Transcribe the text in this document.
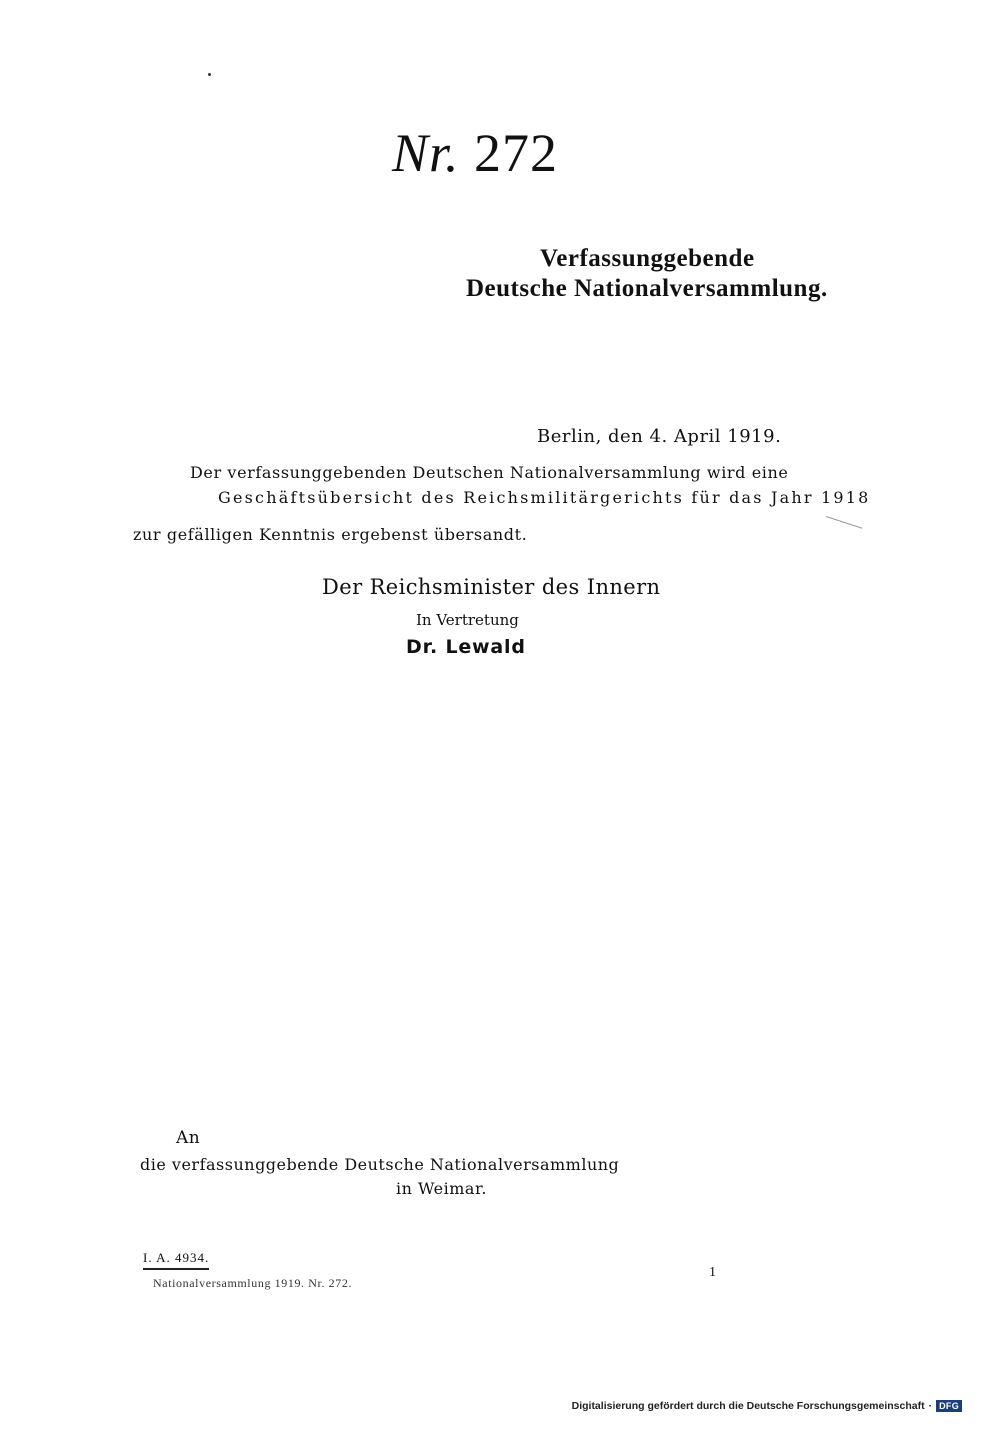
Nr. 272
Verfassunggebende
Deutsche Nationalversammlung.
Berlin, den 4. April 1919.
Der verfassunggebenden Deutschen Nationalversammlung wird eine
Geschäftsübersicht des Reichsmilitärgerichts für das Jahr 1918
zur gefälligen Kenntnis ergebenst übersandt.
Der Reichsminister des Innern
In Vertretung
Dr. Lewald
An
die verfassunggebende Deutsche Nationalversammlung
in Weimar.
I. A. 4934.
Nationalversammlung 1919. Nr. 272.
1
Digitalisierung gefördert durch die Deutsche Forschungsgemeinschaft · DFG
